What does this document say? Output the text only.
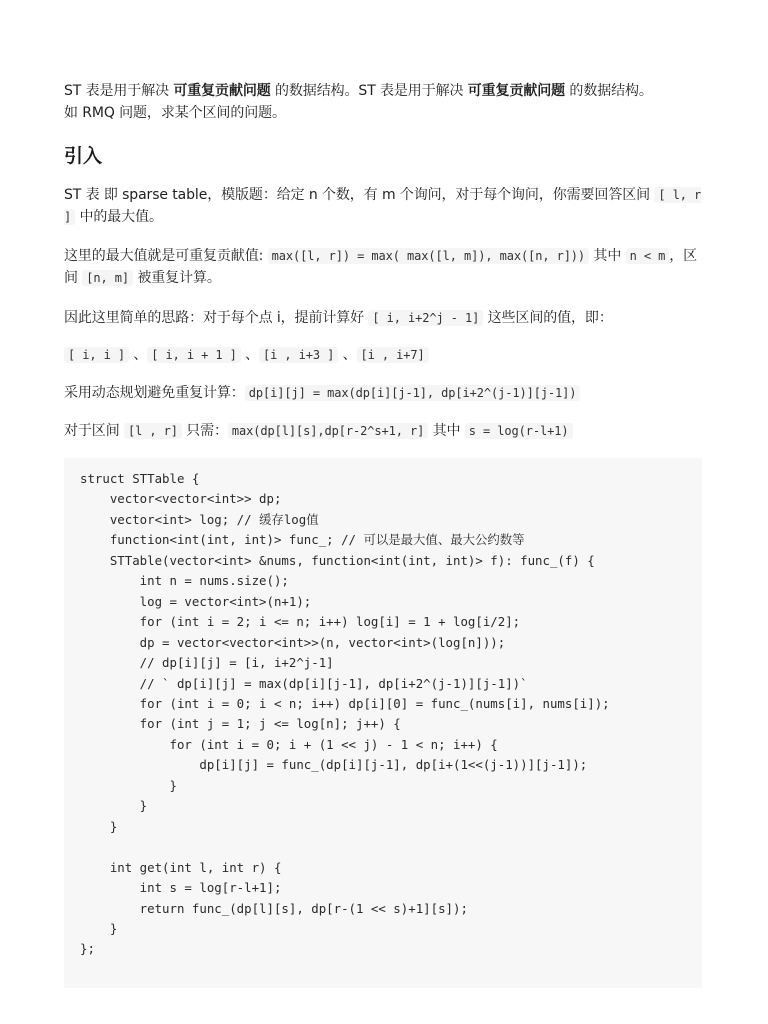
ST 表是用于解决 可重复贡献问题 的数据结构。ST 表是用于解决 可重复贡献问题 的数据结构。
如 RMQ 问题，求某个区间的问题。

引入

ST 表 即 sparse table，模版题：给定 n 个数，有 m 个询问，对于每个询问，你需要回答区间 [ l, r ] 中的最大值。

这里的最大值就是可重复贡献值: max([l, r]) = max( max([l, m]), max([n, r])) 其中 n < m ，区间 [n, m] 被重复计算。

因此这里简单的思路：对于每个点 i，提前计算好 [ i, i+2^j - 1] 这些区间的值，即：

[ i, i ] 、 [ i, i + 1 ] 、 [i , i+3 ] 、 [i , i+7]

采用动态规划避免重复计算： dp[i][j] = max(dp[i][j-1], dp[i+2^(j-1)][j-1])

对于区间 [l , r] 只需： max(dp[l][s],dp[r-2^s+1, r] 其中 s = log(r-l+1)

struct STTable {
vector<vector<int>> dp;
vector<int> log; // 缓存log值
function<int(int, int)> func_; // 可以是最大值、最大公约数等
STTable(vector<int> &nums, function<int(int, int)> f): func_(f) {
int n = nums.size();
log = vector<int>(n+1);
for (int i = 2; i <= n; i++) log[i] = 1 + log[i/2];
dp = vector<vector<int>>(n, vector<int>(log[n]));
// dp[i][j] = [i, i+2^j-1]
// ` dp[i][j] = max(dp[i][j-1], dp[i+2^(j-1)][j-1])`
for (int i = 0; i < n; i++) dp[i][0] = func_(nums[i], nums[i]);
for (int j = 1; j <= log[n]; j++) {
for (int i = 0; i + (1 << j) - 1 < n; i++) {
dp[i][j] = func_(dp[i][j-1], dp[i+(1<<(j-1))][j-1]);
}
}
}

int get(int l, int r) {
int s = log[r-l+1];
return func_(dp[l][s], dp[r-(1 << s)+1][s]);
}
};
